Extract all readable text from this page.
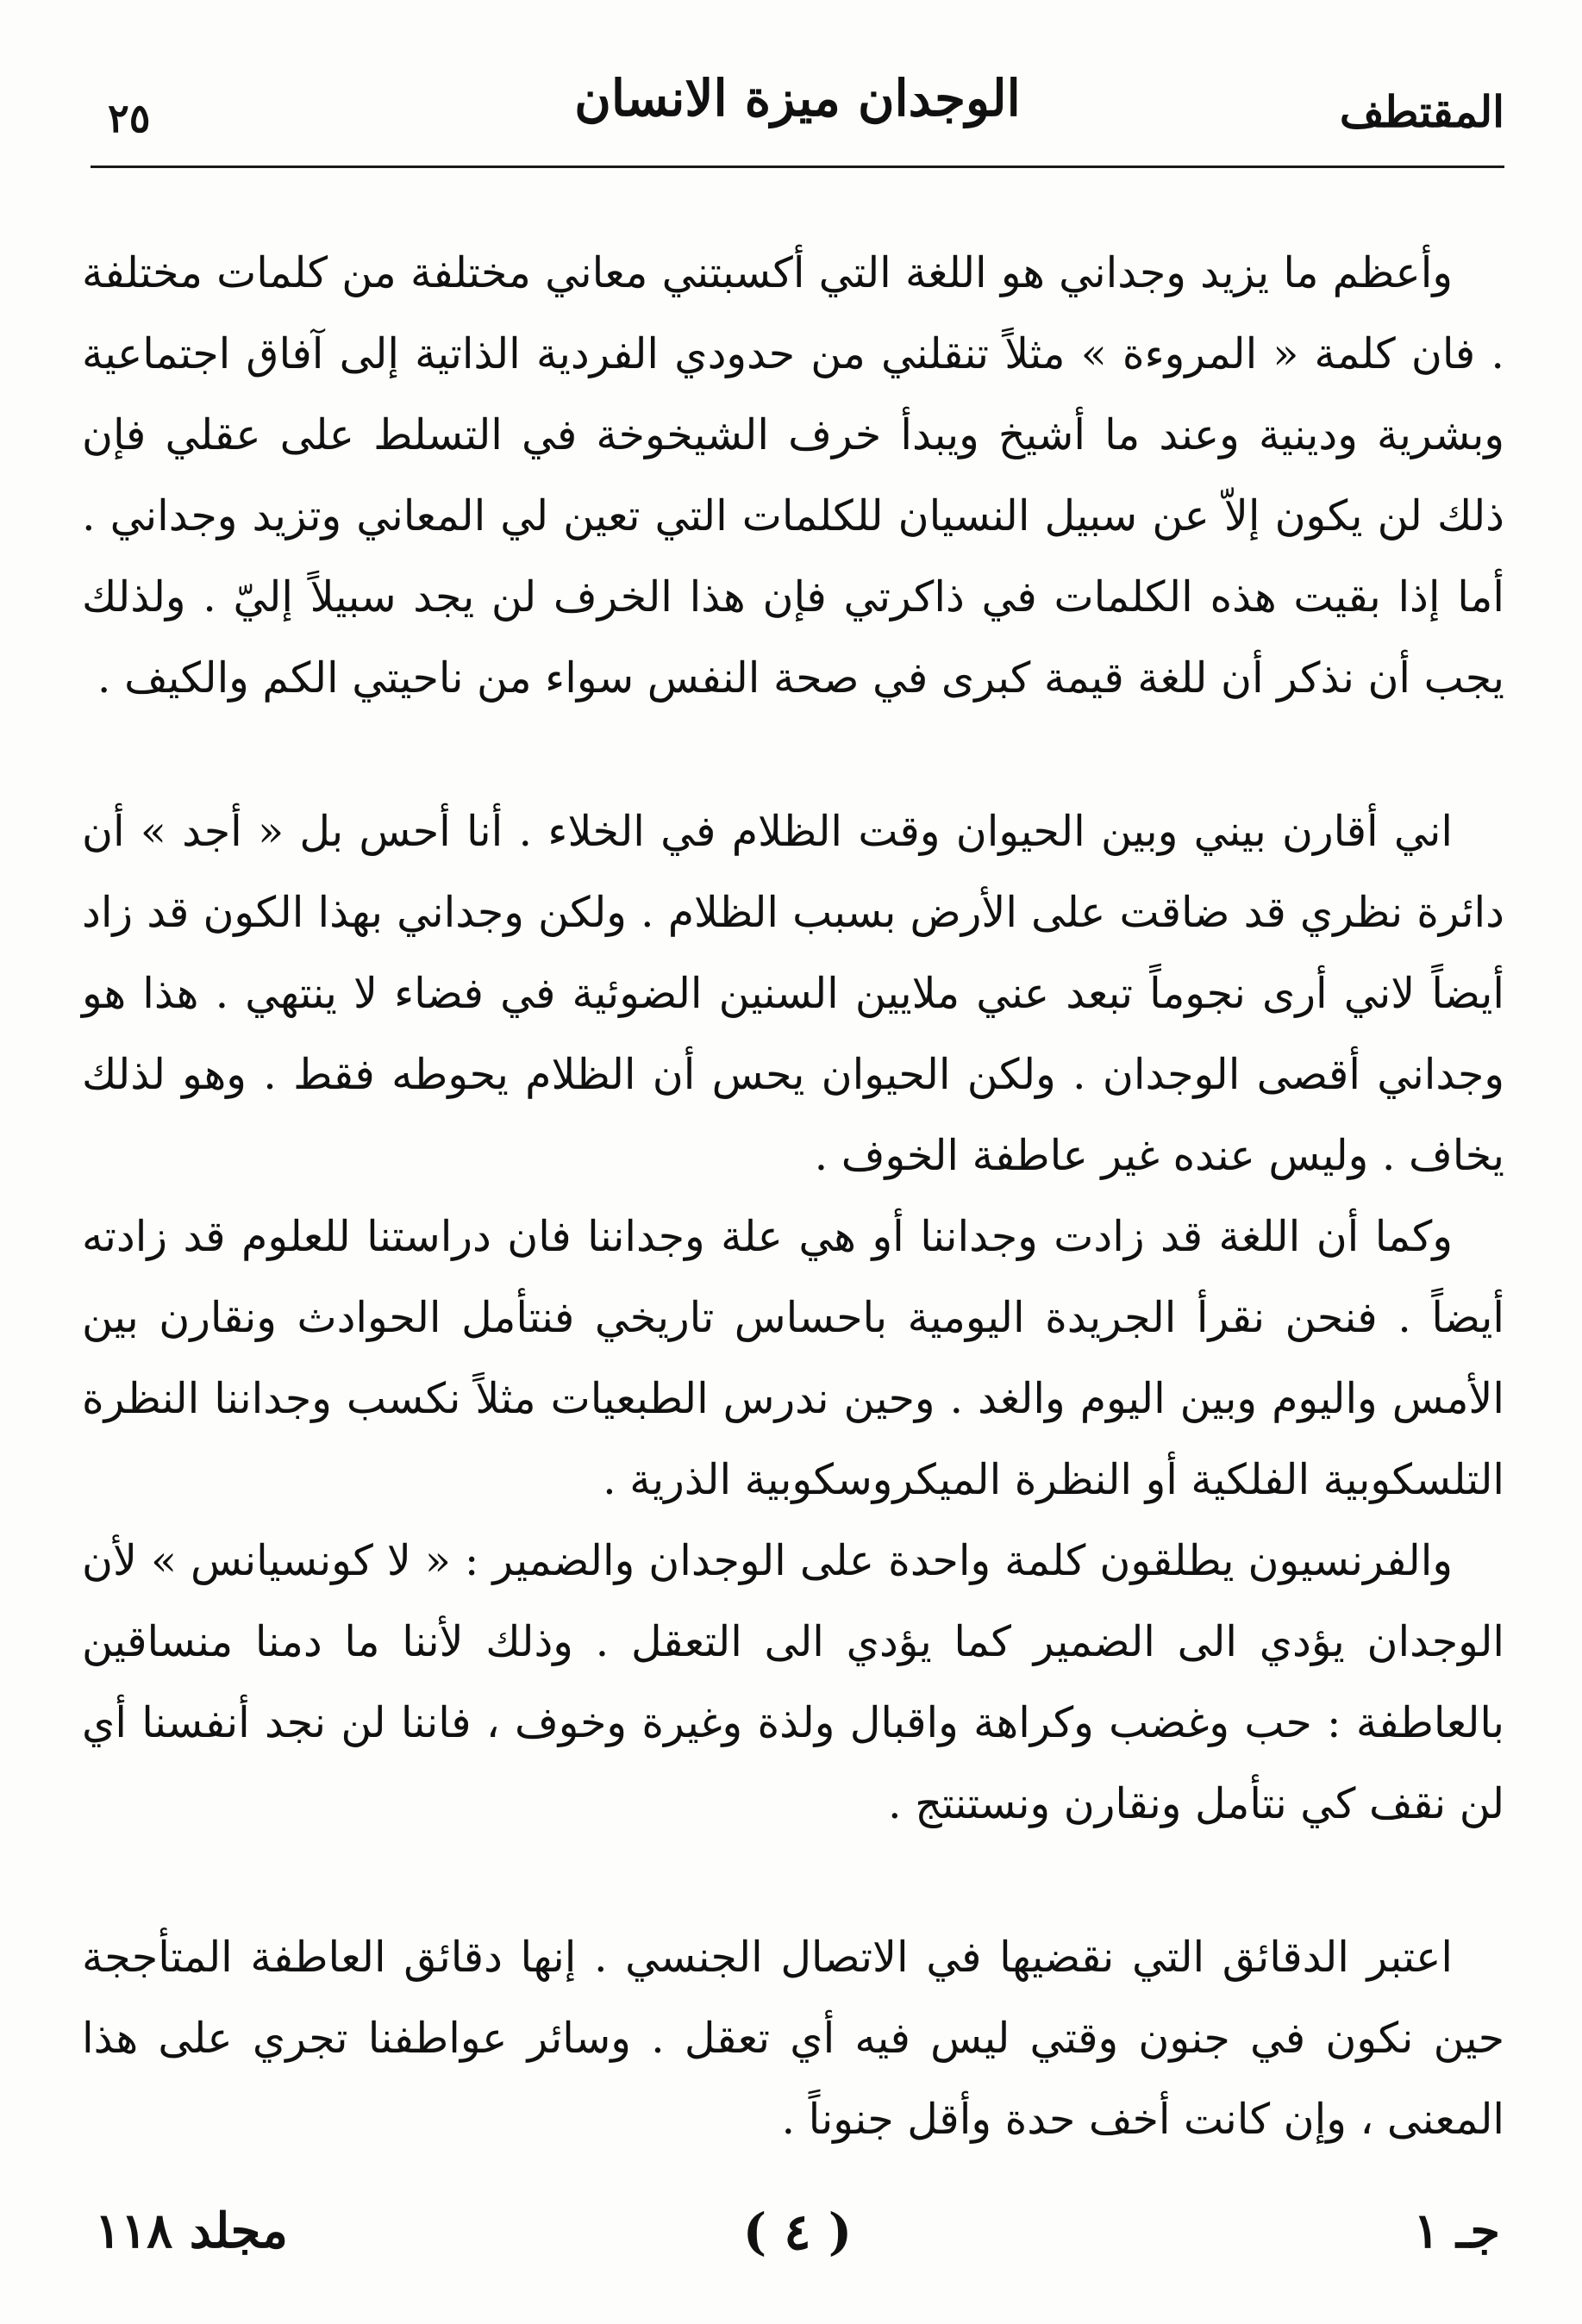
المقتطف
الوجدان ميزة الانسان
٢٥

وأعظم ما يزيد وجداني هو اللغة التي أكسبتني معاني مختلفة من كلمات مختلفة . فان كلمة « المروءة » مثلاً تنقلني من حدودي الفردية الذاتية إلى آفاق اجتماعية وبشرية ودينية وعند ما أشيخ ويبدأ خرف الشيخوخة في التسلط على عقلي فإن ذلك لن يكون إلاّ عن سبيل النسيان للكلمات التي تعين لي المعاني وتزيد وجداني . أما إذا بقيت هذه الكلمات في ذاكرتي فإن هذا الخرف لن يجد سبيلاً إليّ . ولذلك يجب أن نذكر أن للغة قيمة كبرى في صحة النفس سواء من ناحيتي الكم والكيف .

اني أقارن بيني وبين الحيوان وقت الظلام في الخلاء . أنا أحس بل « أجد » أن دائرة نظري قد ضاقت على الأرض بسبب الظلام . ولكن وجداني بهذا الكون قد زاد أيضاً لاني أرى نجوماً تبعد عني ملايين السنين الضوئية في فضاء لا ينتهي . هذا هو وجداني أقصى الوجدان . ولكن الحيوان يحس أن الظلام يحوطه فقط . وهو لذلك يخاف . وليس عنده غير عاطفة الخوف .

وكما أن اللغة قد زادت وجداننا أو هي علة وجداننا فان دراستنا للعلوم قد زادته أيضاً . فنحن نقرأ الجريدة اليومية باحساس تاريخي فنتأمل الحوادث ونقارن بين الأمس واليوم وبين اليوم والغد . وحين ندرس الطبعيات مثلاً نكسب وجداننا النظرة التلسكوبية الفلكية أو النظرة الميكروسكوبية الذرية .

والفرنسيون يطلقون كلمة واحدة على الوجدان والضمير : « لا كونسيانس » لأن الوجدان يؤدي الى الضمير كما يؤدي الى التعقل . وذلك لأننا ما دمنا منساقين بالعاطفة : حب وغضب وكراهة واقبال ولذة وغيرة وخوف ، فاننا لن نجد أنفسنا أي لن نقف كي نتأمل ونقارن ونستنتج .

اعتبر الدقائق التي نقضيها في الاتصال الجنسي . إنها دقائق العاطفة المتأججة حين نكون في جنون وقتي ليس فيه أي تعقل . وسائر عواطفنا تجري على هذا المعنى ، وإن كانت أخف حدة وأقل جنوناً .

جـ ١
( ٤ )
مجلد ١١٨
